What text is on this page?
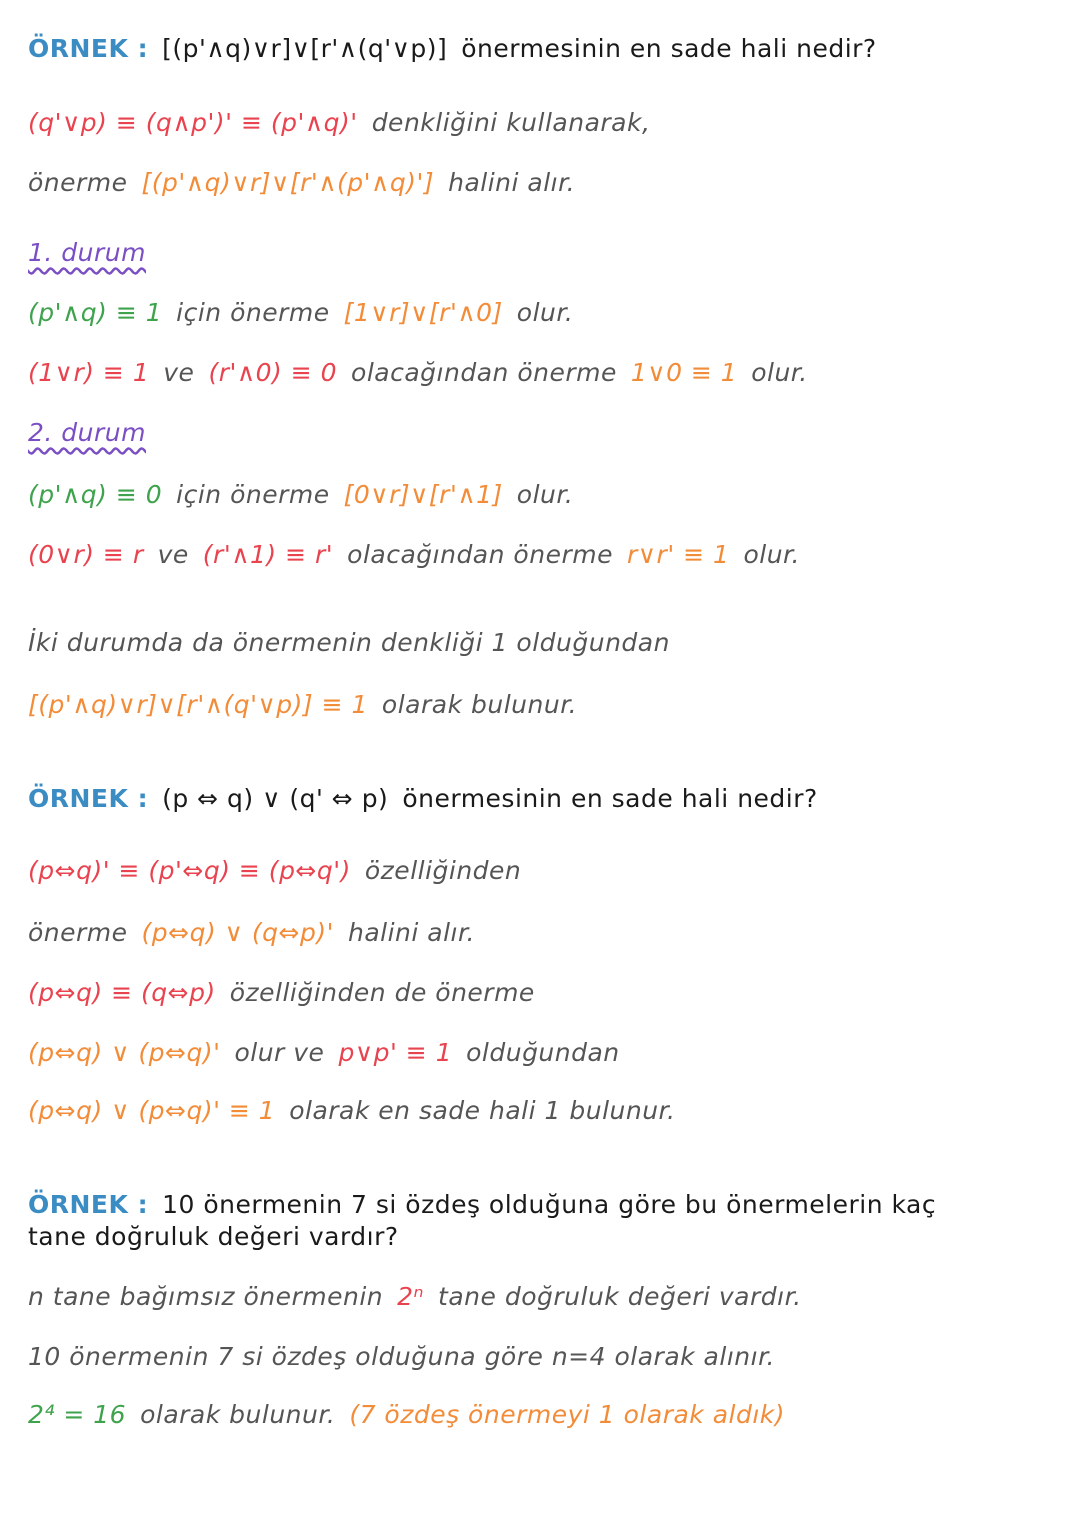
ÖRNEK : [(p'∧q)∨r]∨[r'∧(q'∨p)] önermesinin en sade hali nedir?
(q'∨p) ≡ (q∧p')' ≡ (p'∧q)' denkliğini kullanarak,
önerme [(p'∧q)∨r]∨[r'∧(p'∧q)'] halini alır.
1. durum
(p'∧q) ≡ 1 için önerme [1∨r]∨[r'∧0] olur.
(1∨r) ≡ 1 ve (r'∧0) ≡ 0 olacağından önerme 1∨0 ≡ 1 olur.
2. durum
(p'∧q) ≡ 0 için önerme [0∨r]∨[r'∧1] olur.
(0∨r) ≡ r ve (r'∧1) ≡ r' olacağından önerme r∨r' ≡ 1 olur.
İki durumda da önermenin denkliği 1 olduğundan
[(p'∧q)∨r]∨[r'∧(q'∨p)] ≡ 1 olarak bulunur.
ÖRNEK : (p ⇔ q) ∨ (q' ⇔ p) önermesinin en sade hali nedir?
(p⇔q)' ≡ (p'⇔q) ≡ (p⇔q') özelliğinden
önerme (p⇔q) ∨ (q⇔p)' halini alır.
(p⇔q) ≡ (q⇔p) özelliğinden de önerme
(p⇔q) ∨ (p⇔q)' olur ve p∨p' ≡ 1 olduğundan
(p⇔q) ∨ (p⇔q)' ≡ 1 olarak en sade hali 1 bulunur.
ÖRNEK : 10 önermenin 7 si özdeş olduğuna göre bu önermelerin kaç
tane doğruluk değeri vardır?
n tane bağımsız önermenin 2ⁿ tane doğruluk değeri vardır.
10 önermenin 7 si özdeş olduğuna göre n=4 olarak alınır.
2⁴ = 16 olarak bulunur. (7 özdeş önermeyi 1 olarak aldık)
